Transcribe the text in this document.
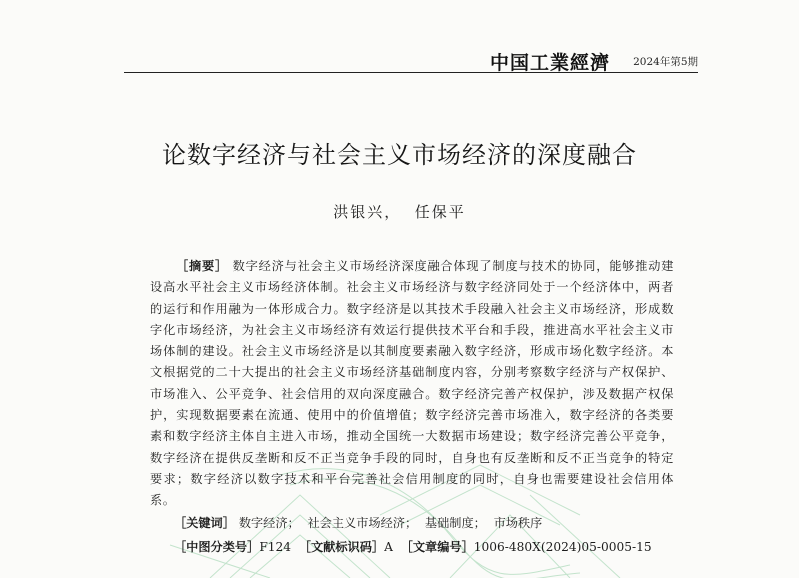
中国工業經濟 2024年第5期
论数字经济与社会主义市场经济的深度融合
洪银兴，  任保平
［摘要］ 数字经济与社会主义市场经济深度融合体现了制度与技术的协同，能够推动建设高水平社会主义市场经济体制。社会主义市场经济与数字经济同处于一个经济体中，两者的运行和作用融为一体形成合力。数字经济是以其技术手段融入社会主义市场经济，形成数字化市场经济，为社会主义市场经济有效运行提供技术平台和手段，推进高水平社会主义市场体制的建设。社会主义市场经济是以其制度要素融入数字经济，形成市场化数字经济。本文根据党的二十大提出的社会主义市场经济基础制度内容，分别考察数字经济与产权保护、市场准入、公平竞争、社会信用的双向深度融合。数字经济完善产权保护，涉及数据产权保护，实现数据要素在流通、使用中的价值增值；数字经济完善市场准入，数字经济的各类要素和数字经济主体自主进入市场，推动全国统一大数据市场建设；数字经济完善公平竞争，数字经济在提供反垄断和反不正当竞争手段的同时，自身也有反垄断和反不正当竞争的特定要求；数字经济以数字技术和平台完善社会信用制度的同时，自身也需要建设社会信用体系。
［关键词］ 数字经济；  社会主义市场经济；  基础制度；  市场秩序
［中图分类号］F124 ［文献标识码］A ［文章编号］1006-480X(2024)05-0005-15
